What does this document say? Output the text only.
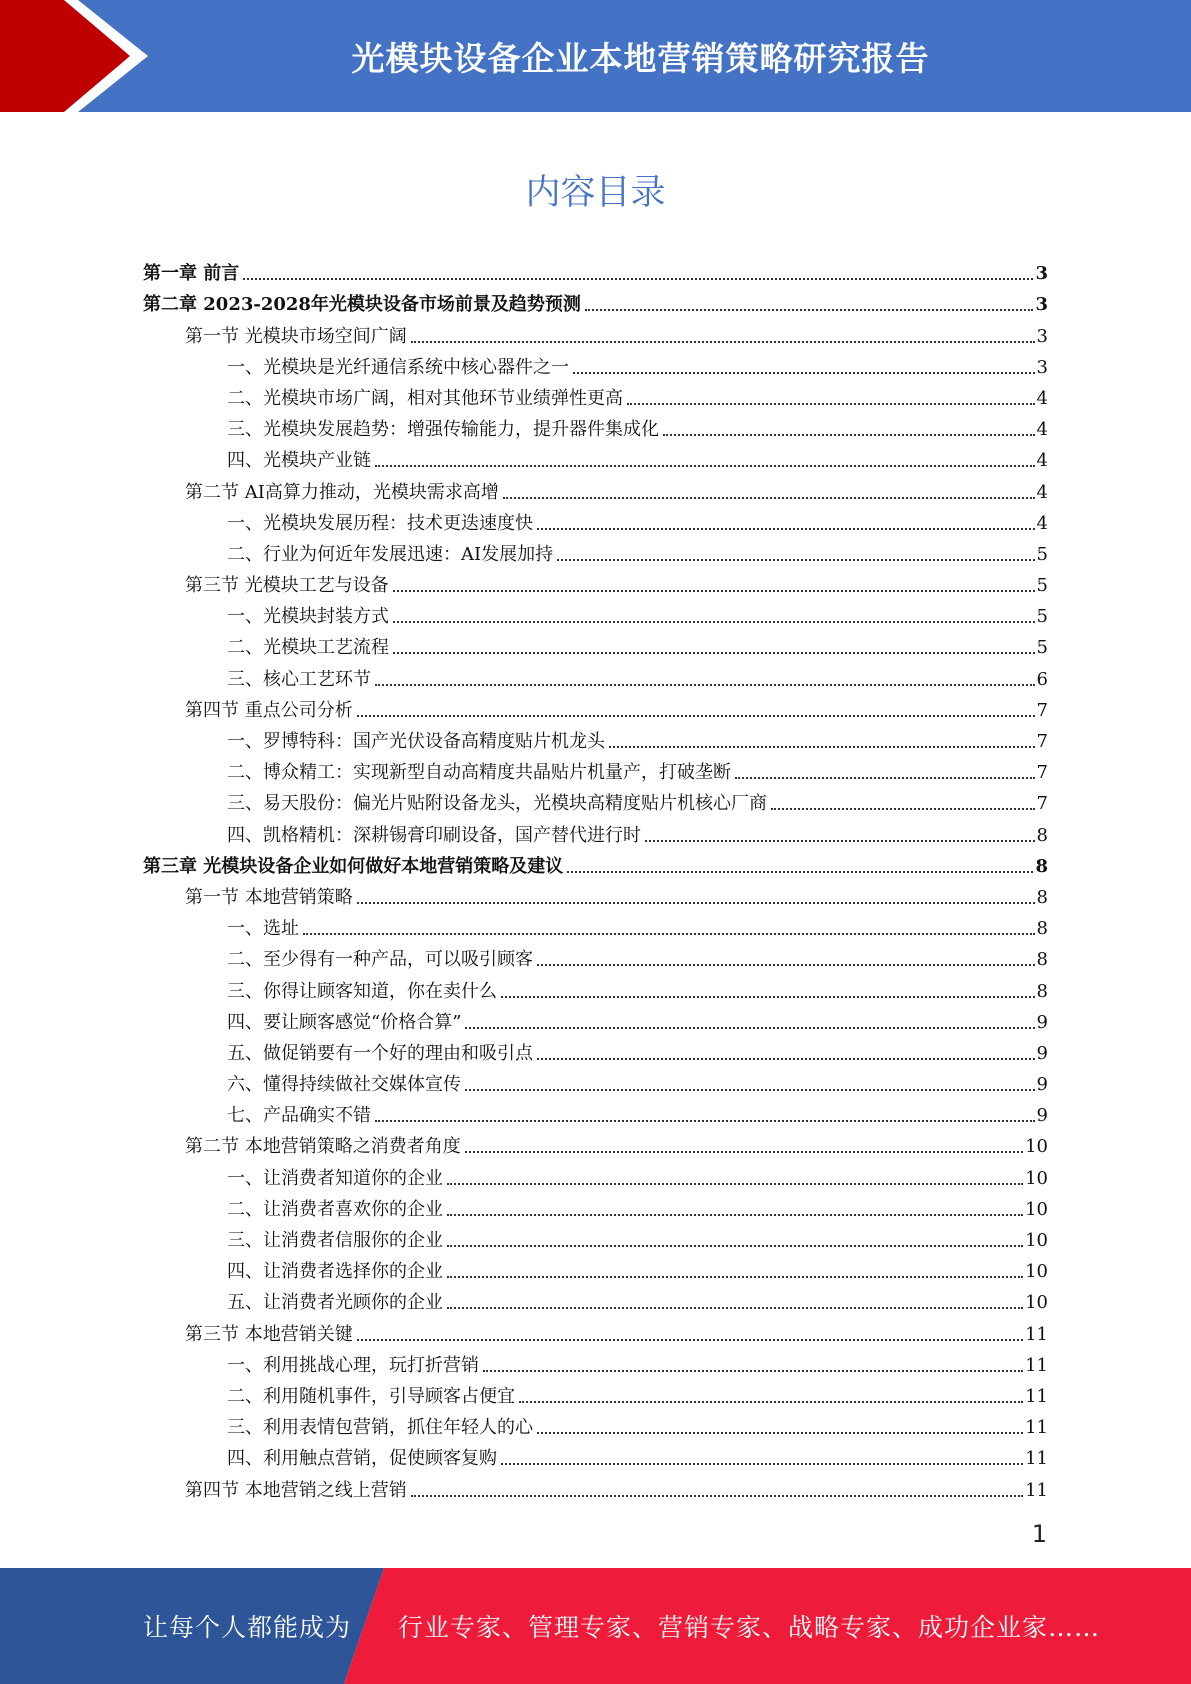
光模块设备企业本地营销策略研究报告
内容目录
第一章 前言	3
第二章 2023-2028年光模块设备市场前景及趋势预测	3
第一节 光模块市场空间广阔	3
一、光模块是光纤通信系统中核心器件之一	3
二、光模块市场广阔，相对其他环节业绩弹性更高	4
三、光模块发展趋势：增强传输能力，提升器件集成化	4
四、光模块产业链	4
第二节 AI高算力推动，光模块需求高增	4
一、光模块发展历程：技术更迭速度快	4
二、行业为何近年发展迅速：AI发展加持	5
第三节 光模块工艺与设备	5
一、光模块封装方式	5
二、光模块工艺流程	5
三、核心工艺环节	6
第四节 重点公司分析	7
一、罗博特科：国产光伏设备高精度贴片机龙头	7
二、博众精工：实现新型自动高精度共晶贴片机量产，打破垄断	7
三、易天股份：偏光片贴附设备龙头，光模块高精度贴片机核心厂商	7
四、凯格精机：深耕锡膏印刷设备，国产替代进行时	8
第三章 光模块设备企业如何做好本地营销策略及建议	8
第一节 本地营销策略	8
一、选址	8
二、至少得有一种产品，可以吸引顾客	8
三、你得让顾客知道，你在卖什么	8
四、要让顾客感觉“价格合算”	9
五、做促销要有一个好的理由和吸引点	9
六、懂得持续做社交媒体宣传	9
七、产品确实不错	9
第二节 本地营销策略之消费者角度	10
一、让消费者知道你的企业	10
二、让消费者喜欢你的企业	10
三、让消费者信服你的企业	10
四、让消费者选择你的企业	10
五、让消费者光顾你的企业	10
第三节 本地营销关键	11
一、利用挑战心理，玩打折营销	11
二、利用随机事件，引导顾客占便宜	11
三、利用表情包营销，抓住年轻人的心	11
四、利用触点营销，促使顾客复购	11
第四节 本地营销之线上营销	11
1
让每个人都能成为 行业专家、管理专家、营销专家、战略专家、成功企业家……
